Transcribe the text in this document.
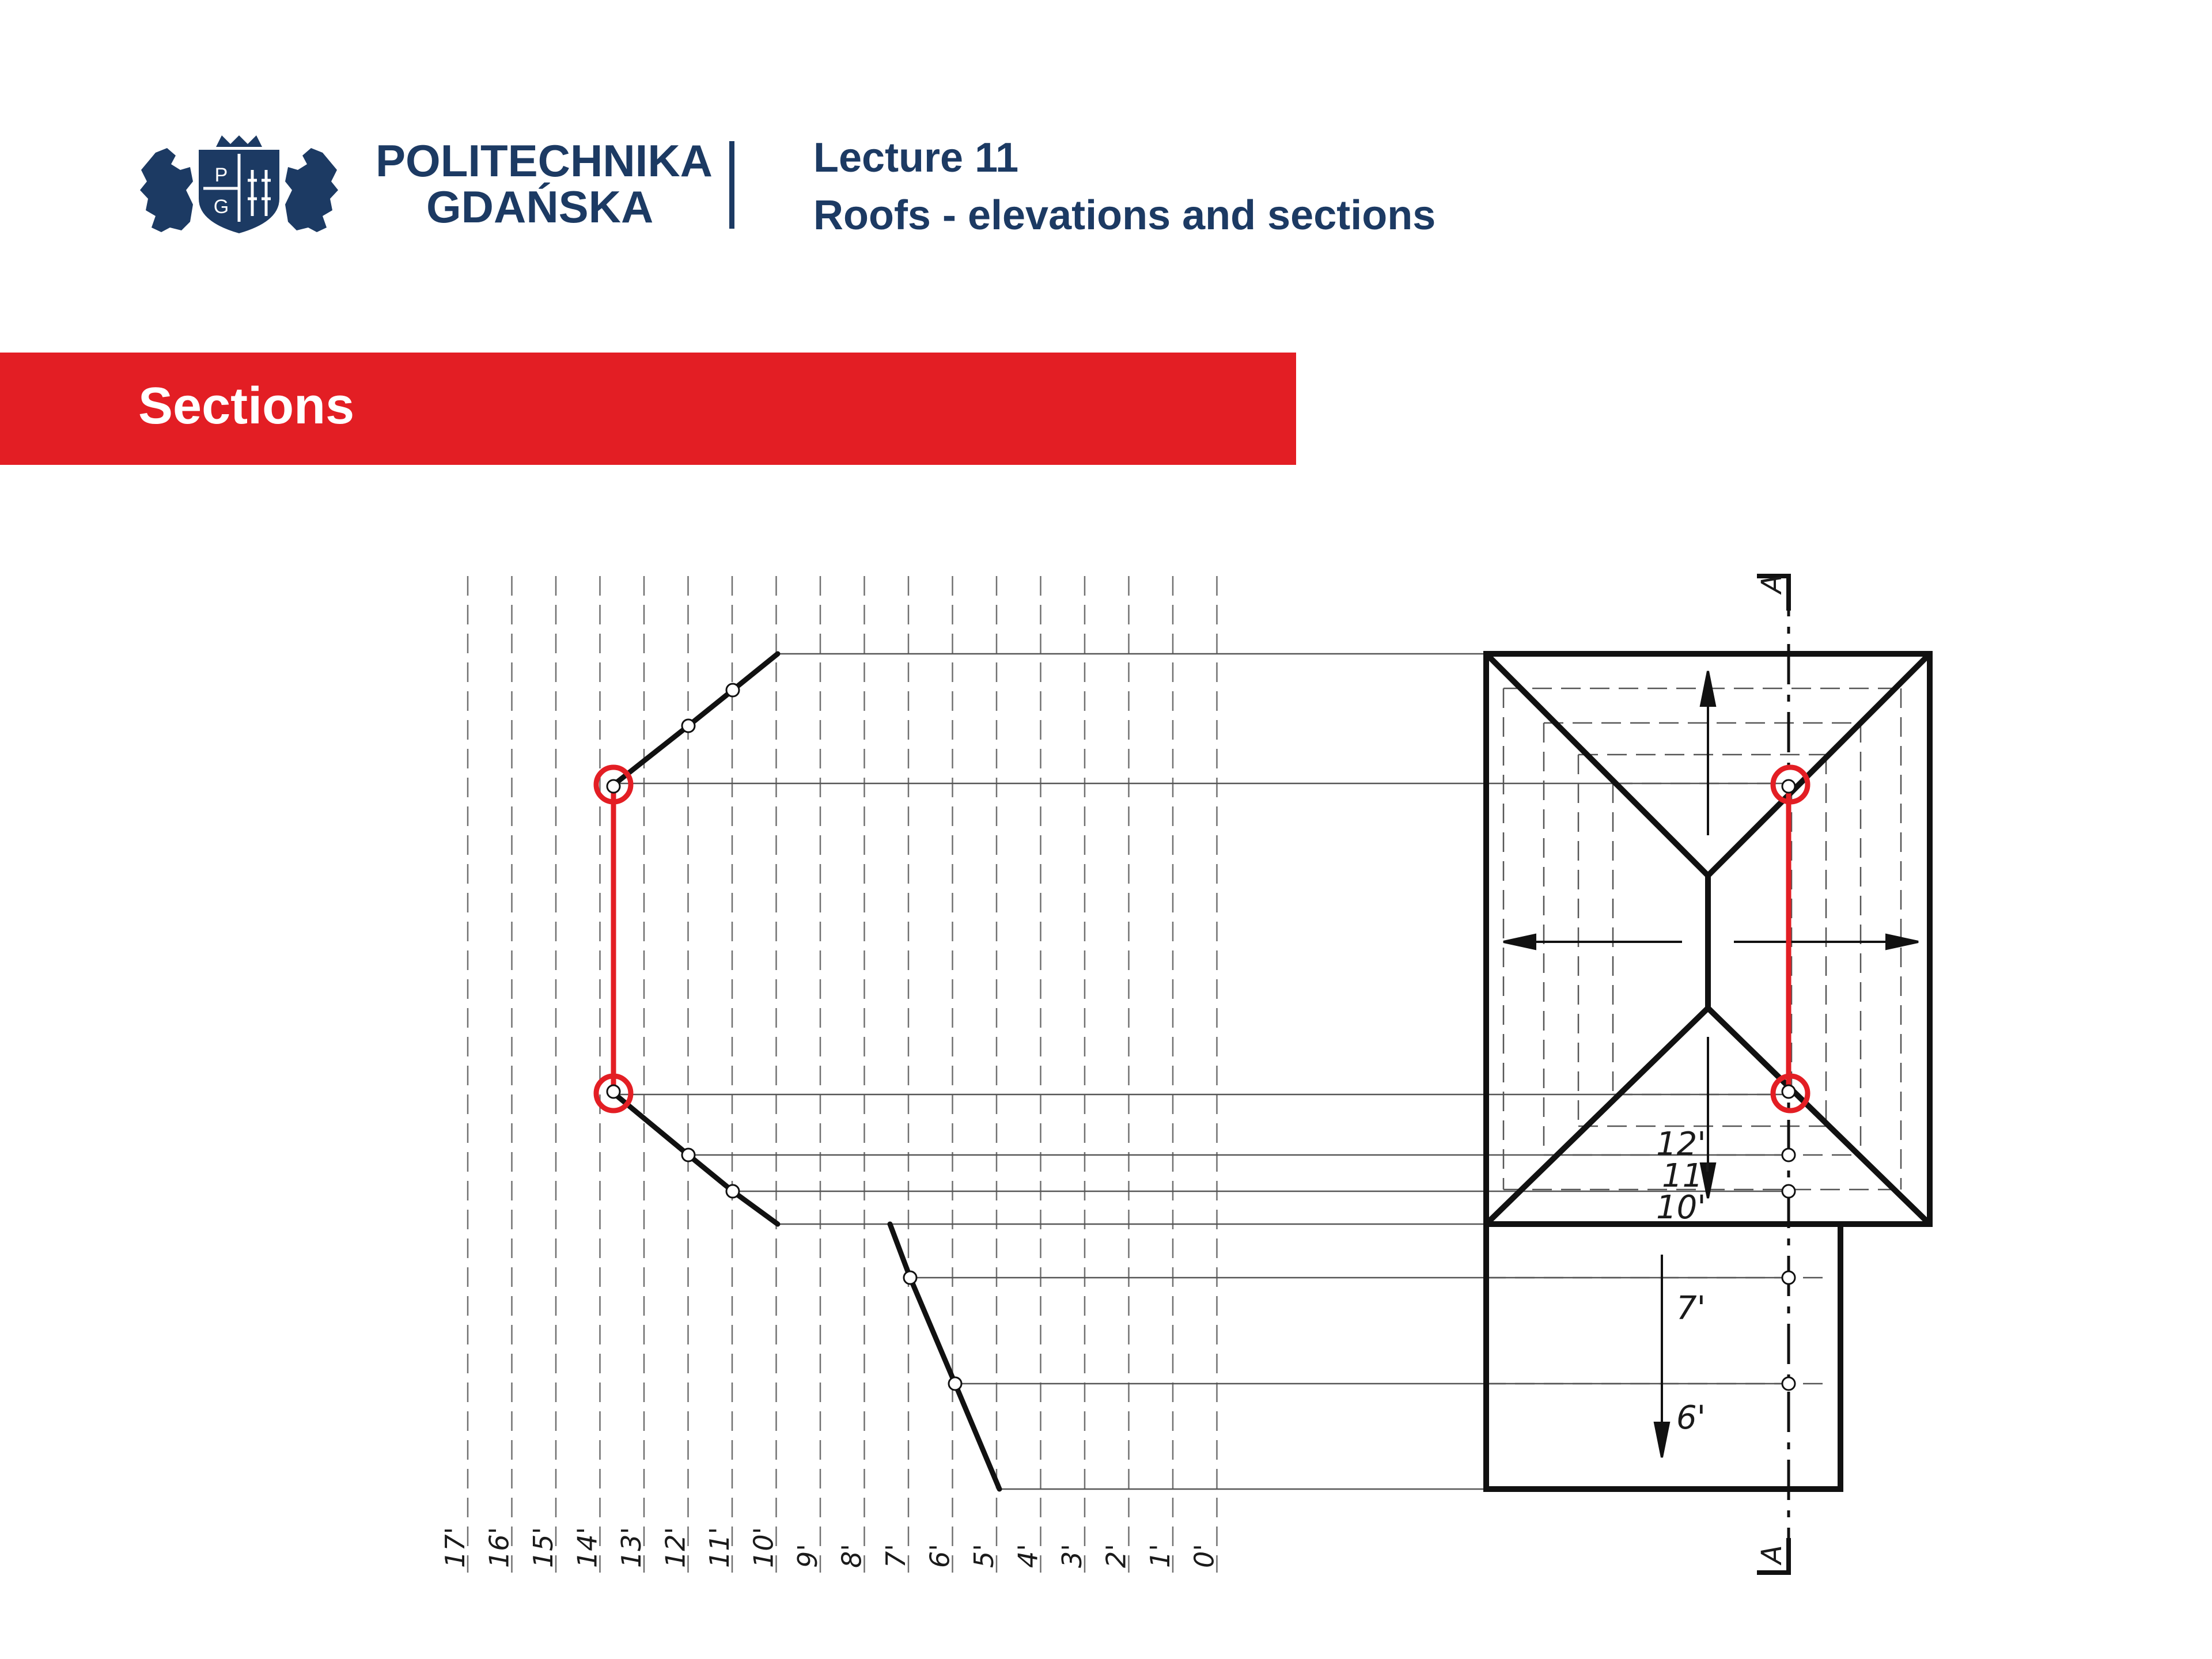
P
G
POLITECHNIKA
GDAŃSKA
Lecture 11
Roofs - elevations and sections
Sections
A
A
12'
11'
10'
7'
6'
17' 16' 15' 14' 13' 12' 11' 10' 9' 8' 7' 6' 5' 4' 3' 2' 1' 0'
